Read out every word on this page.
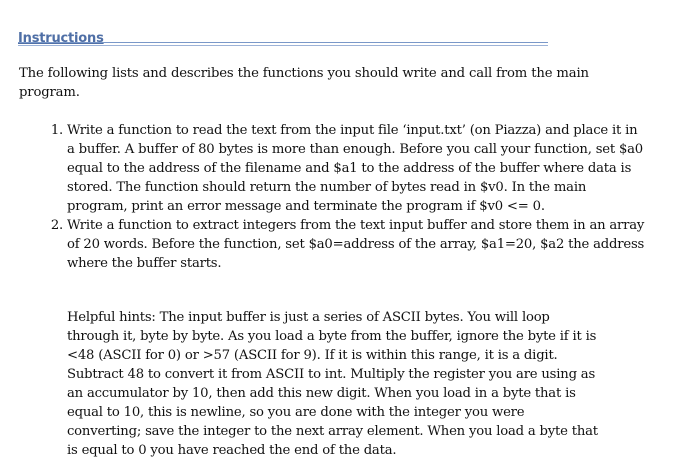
Instructions

The following lists and describes the functions you should write and call from the main program.

1. Write a function to read the text from the input file ‘input.txt’ (on Piazza) and place it in a buffer. A buffer of 80 bytes is more than enough. Before you call your function, set $a0 equal to the address of the filename and $a1 to the address of the buffer where data is stored. The function should return the number of bytes read in $v0. In the main program, print an error message and terminate the program if $v0 <= 0.
2. Write a function to extract integers from the text input buffer and store them in an array of 20 words. Before the function, set $a0=address of the array, $a1=20, $a2 the address where the buffer starts.

Helpful hints: The input buffer is just a series of ASCII bytes. You will loop through it, byte by byte. As you load a byte from the buffer, ignore the byte if it is <48 (ASCII for 0) or >57 (ASCII for 9). If it is within this range, it is a digit. Subtract 48 to convert it from ASCII to int. Multiply the register you are using as an accumulator by 10, then add this new digit. When you load in a byte that is equal to 10, this is newline, so you are done with the integer you were converting; save the integer to the next array element. When you load a byte that is equal to 0 you have reached the end of the data.
